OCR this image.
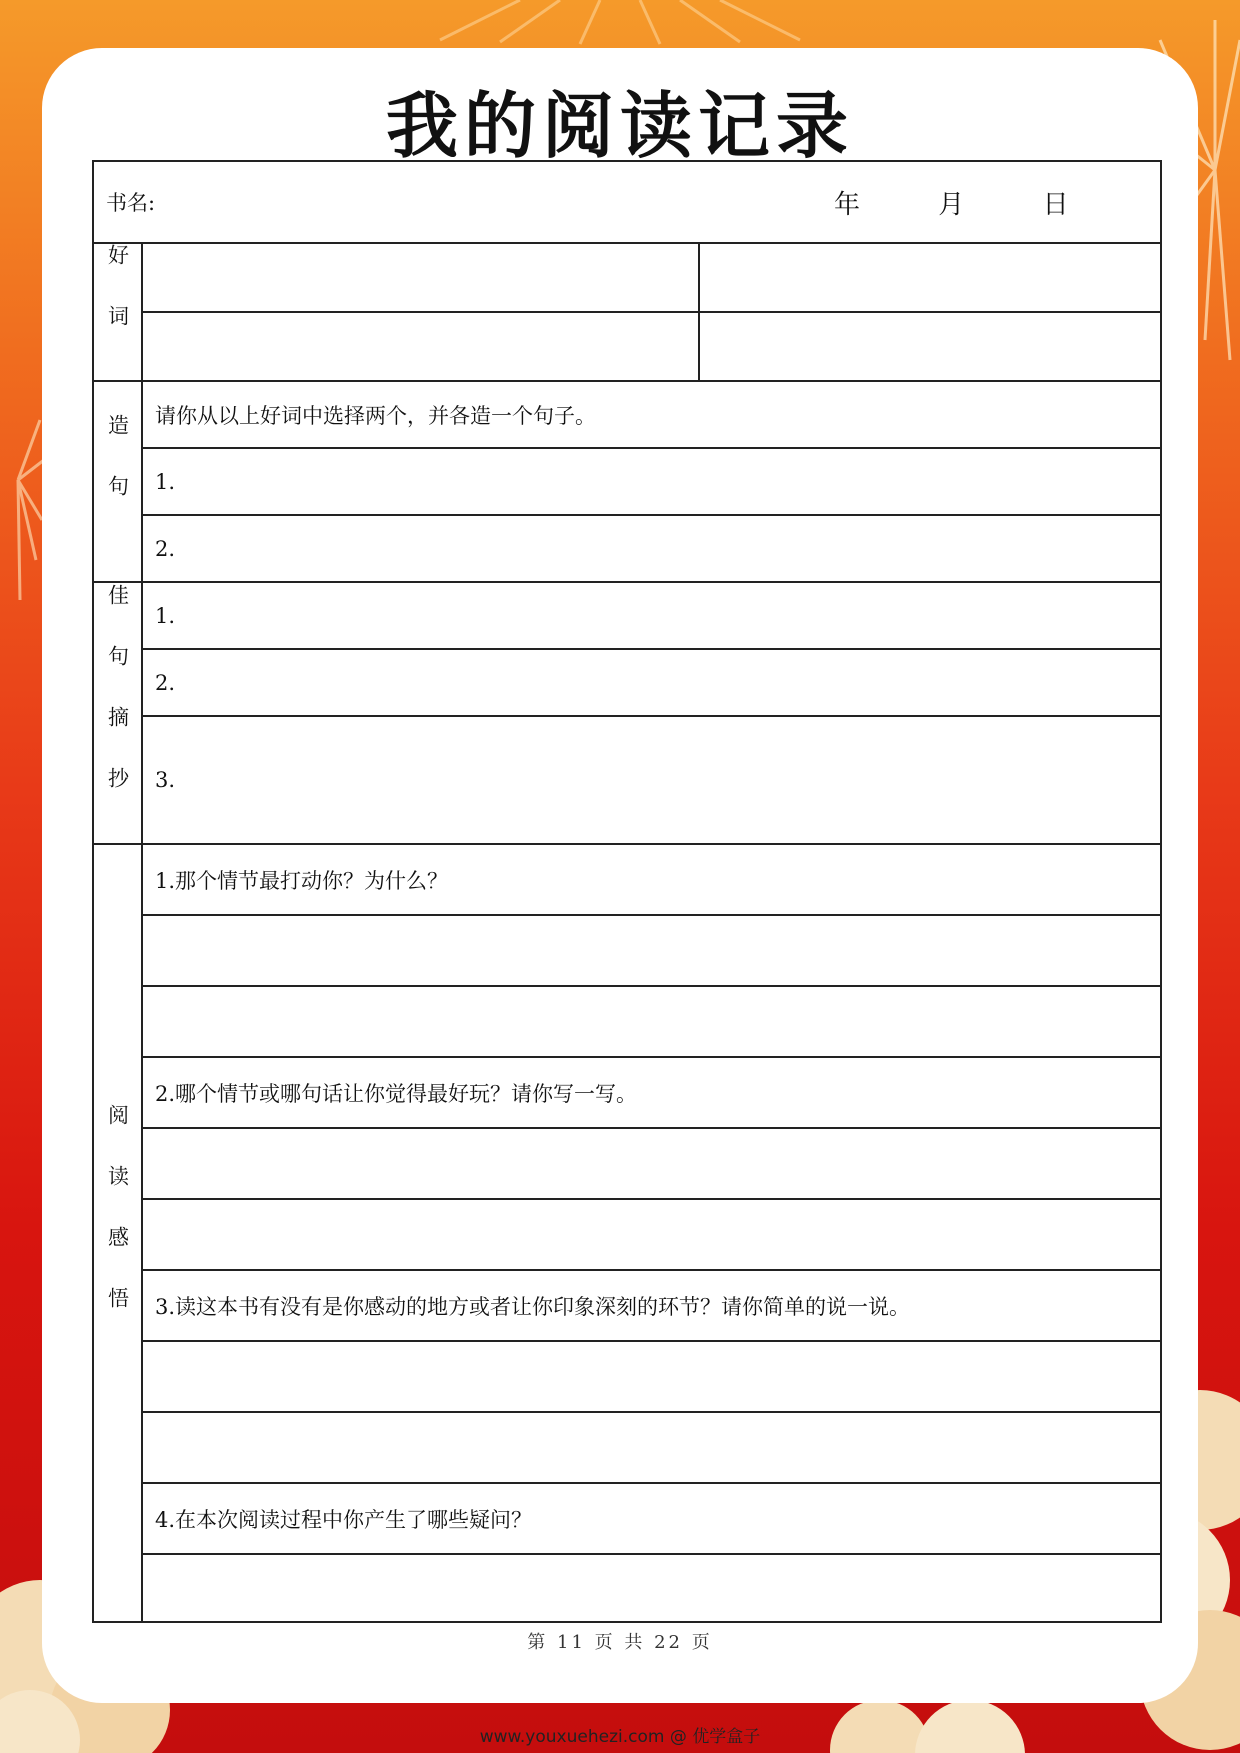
我的阅读记录
书名: 年 月 日		

好词		

造句	请你从以上好词中选择两个，并各造一个句子。	
	1.	
	2.	
佳句摘抄	1.	
	2.	
	3.	
阅读感悟	1.那个情节最打动你？为什么？	

	2.哪个情节或哪句话让你觉得最好玩？请你写一写。	

	3.读这本书有没有是你感动的地方或者让你印象深刻的环节？请你简单的说一说。	

	4.在本次阅读过程中你产生了哪些疑问？	

第 11 页 共 22 页
www.youxuehezi.com @ 优学盒子
